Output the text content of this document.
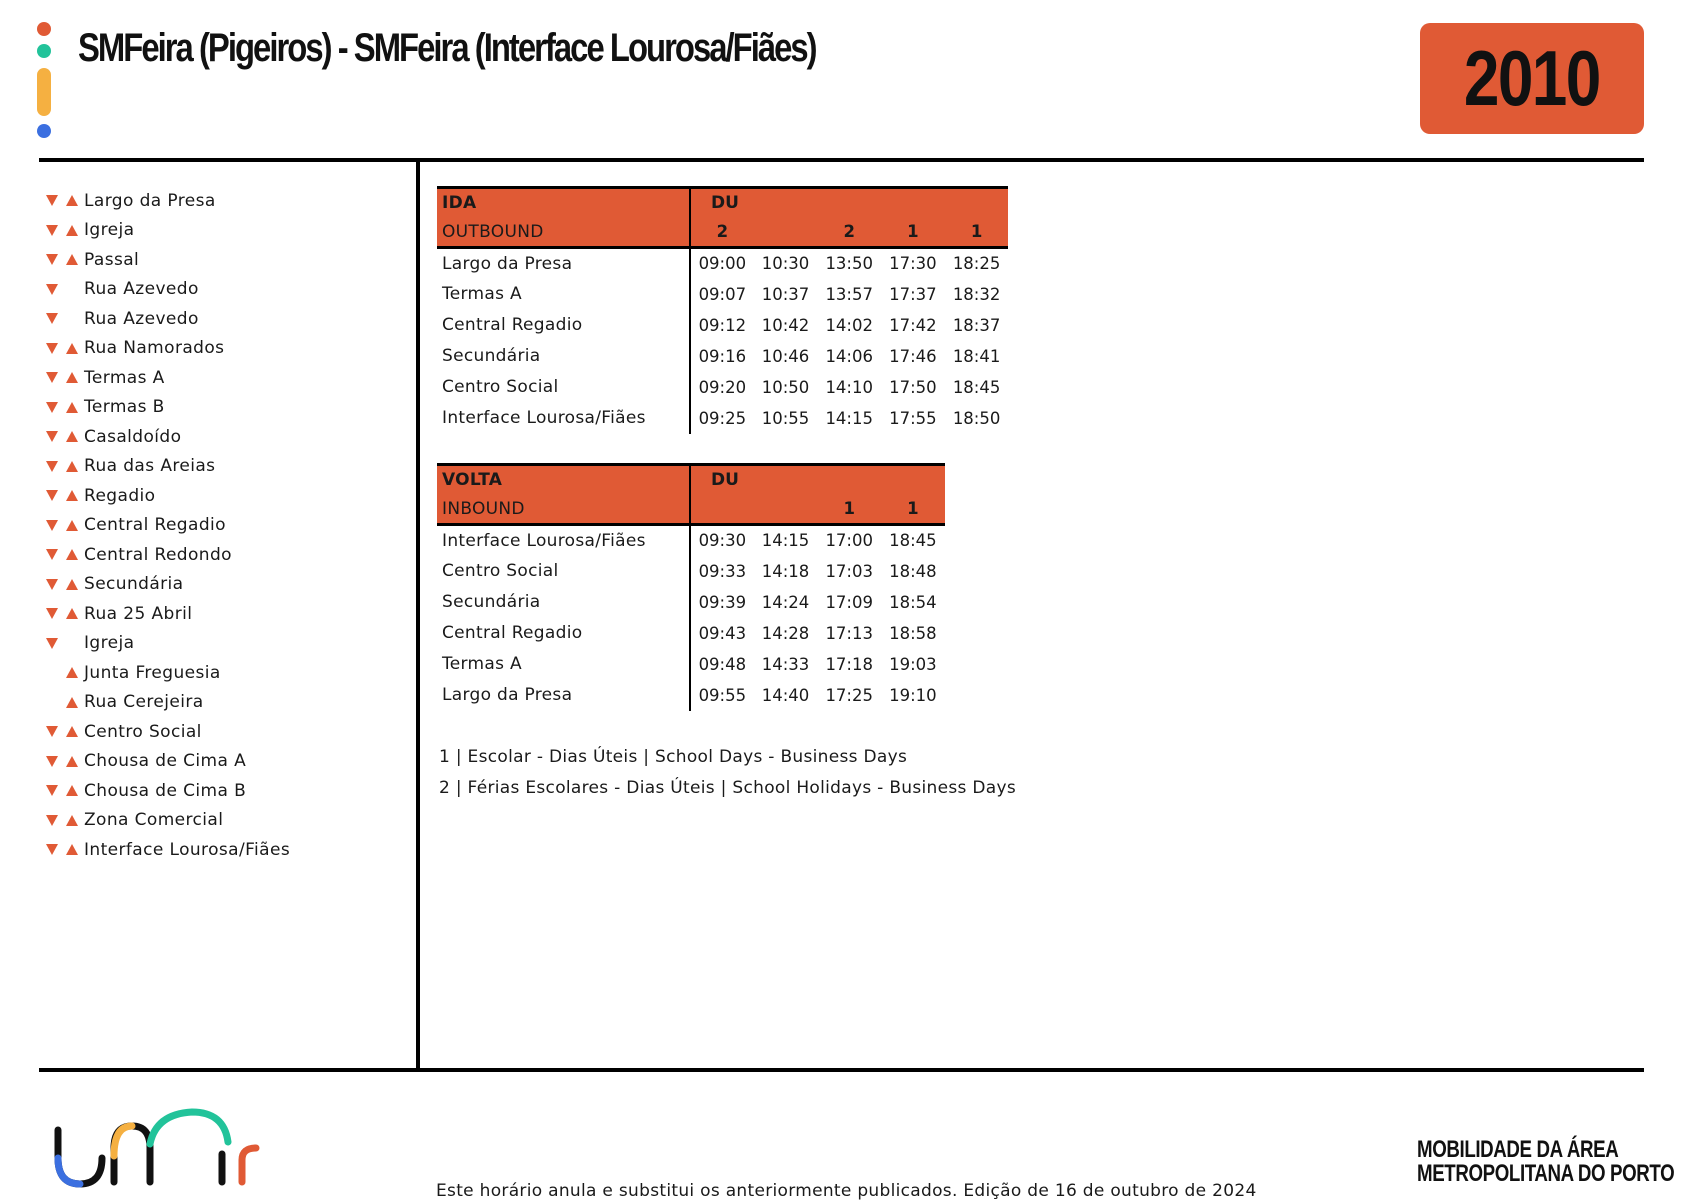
SMFeira (Pigeiros) - SMFeira (Interface Lourosa/Fiães)	2010
Largo da Presa
Igreja
Passal
Rua Azevedo
Rua Azevedo
Rua Namorados
Termas A
Termas B
Casaldoído
Rua das Areias
Regadio
Central Regadio
Central Redondo
Secundária
Rua 25 Abril
Igreja
Junta Freguesia
Rua Cerejeira
Centro Social
Chousa de Cima A
Chousa de Cima B
Zona Comercial
Interface Lourosa/Fiães
IDA	DU				
OUTBOUND	2		2	1	1
Largo da Presa	09:00	10:30	13:50	17:30	18:25
Termas A	09:07	10:37	13:57	17:37	18:32
Central Regadio	09:12	10:42	14:02	17:42	18:37
Secundária	09:16	10:46	14:06	17:46	18:41
Centro Social	09:20	10:50	14:10	17:50	18:45
Interface Lourosa/Fiães	09:25	10:55	14:15	17:55	18:50
VOLTA	DU			
INBOUND			1	1
Interface Lourosa/Fiães	09:30	14:15	17:00	18:45
Centro Social	09:33	14:18	17:03	18:48
Secundária	09:39	14:24	17:09	18:54
Central Regadio	09:43	14:28	17:13	18:58
Termas A	09:48	14:33	17:18	19:03
Largo da Presa	09:55	14:40	17:25	19:10
1 | Escolar - Dias Úteis | School Days - Business Days
2 | Férias Escolares - Dias Úteis | School Holidays - Business Days
Este horário anula e substitui os anteriormente publicados. Edição de 16 de outubro de 2024
MOBILIDADE DA ÁREA
METROPOLITANA DO PORTO
